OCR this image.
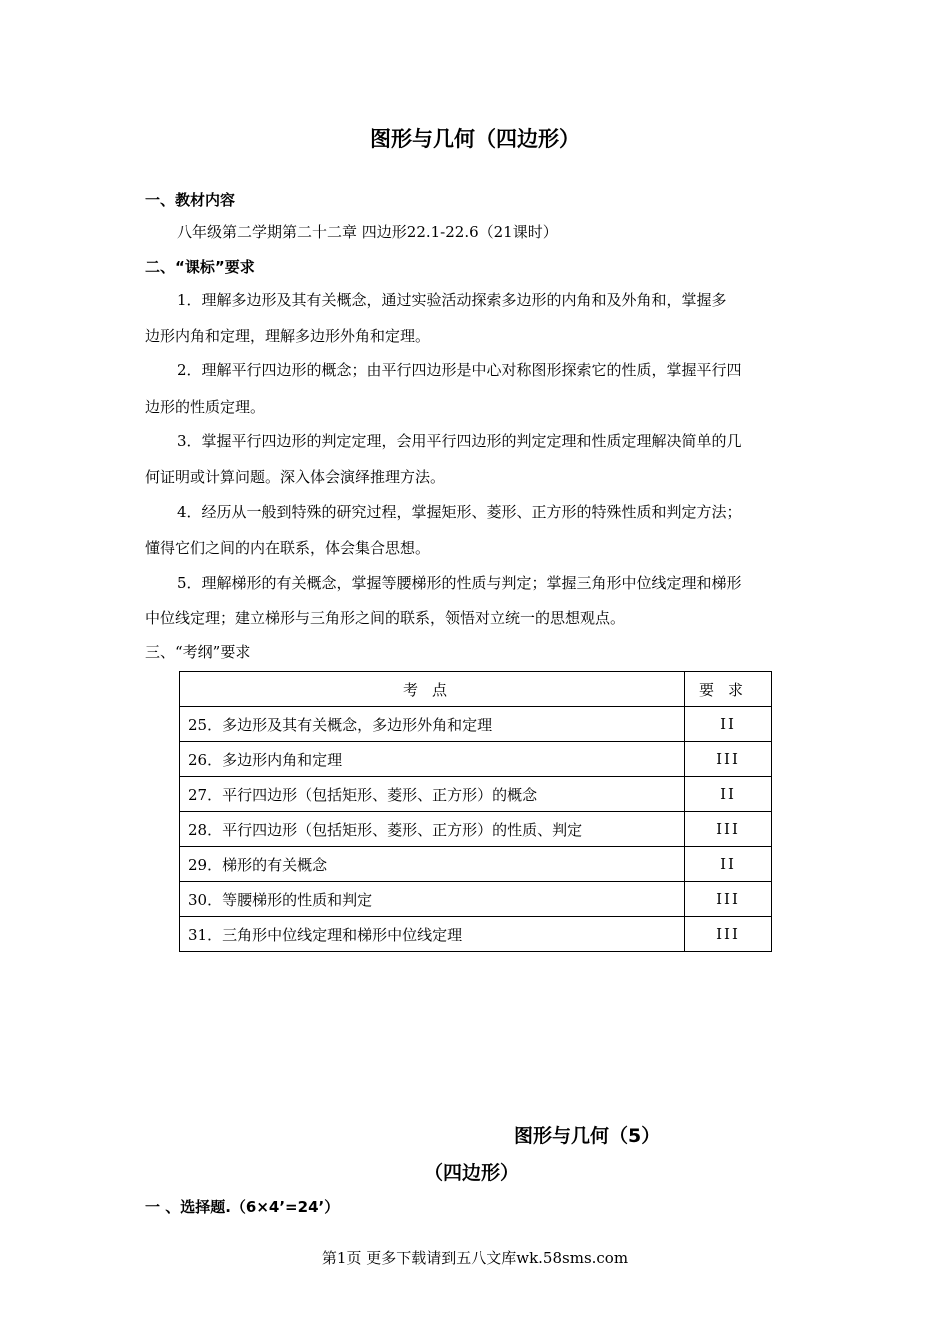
图形与几何（四边形）
一、教材内容
八年级第二学期第二十二章 四边形22.1-22.6（21课时）
二、“课标”要求
1．理解多边形及其有关概念，通过实验活动探索多边形的内角和及外角和，掌握多
边形内角和定理，理解多边形外角和定理。
2．理解平行四边形的概念；由平行四边形是中心对称图形探索它的性质，掌握平行四
边形的性质定理。
3．掌握平行四边形的判定定理，会用平行四边形的判定定理和性质定理解决简单的几
何证明或计算问题。深入体会演绎推理方法。
4．经历从一般到特殊的研究过程，掌握矩形、菱形、正方形的特殊性质和判定方法；
懂得它们之间的内在联系，体会集合思想。
5．理解梯形的有关概念，掌握等腰梯形的性质与判定；掌握三角形中位线定理和梯形
中位线定理；建立梯形与三角形之间的联系，领悟对立统一的思想观点。
三、“考纲”要求
考点	要求
25．多边形及其有关概念，多边形外角和定理	II
26．多边形内角和定理	III
27．平行四边形（包括矩形、菱形、正方形）的概念	II
28．平行四边形（包括矩形、菱形、正方形）的性质、判定	III
29．梯形的有关概念	II
30．等腰梯形的性质和判定	III
31．三角形中位线定理和梯形中位线定理	III
图形与几何（5）
（四边形）
一 、选择题.（6×4’=24’）
第1页 更多下载请到五八文库wk.58sms.com
